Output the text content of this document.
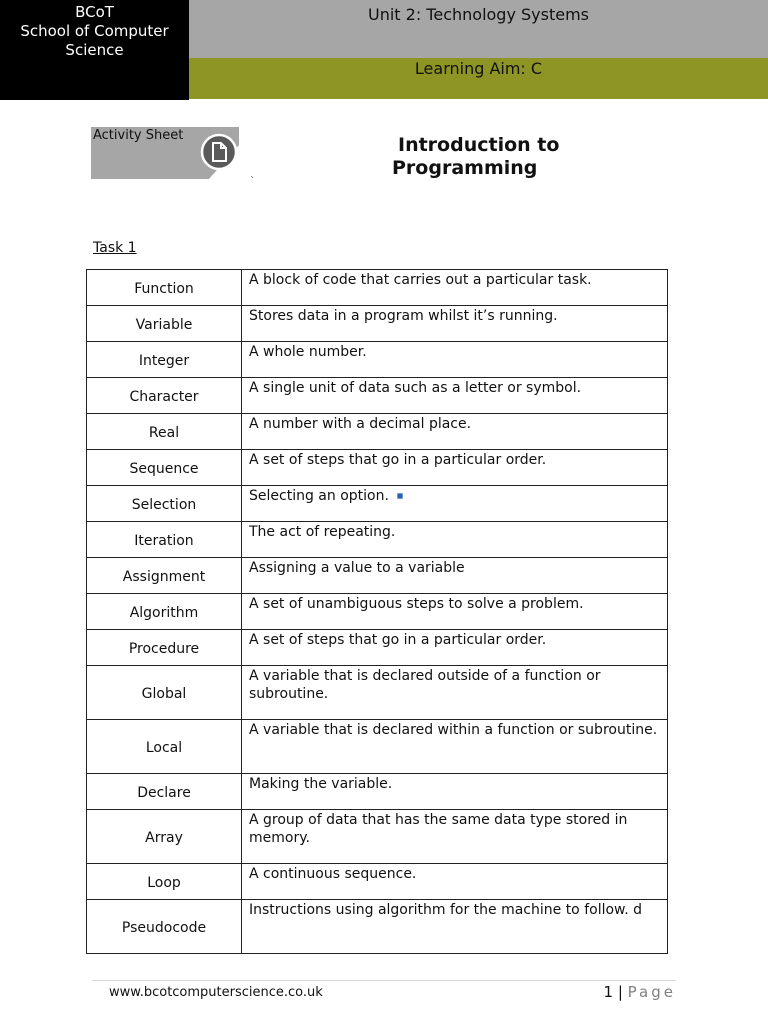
BCoT
School of Computer
Science
Unit 2: Technology Systems
Learning Aim: C
Activity Sheet
`
Introduction to
Programming
Task 1
Function	A block of code that carries out a particular task.
Variable	Stores data in a program whilst it’s running.
Integer	A whole number.
Character	A single unit of data such as a letter or symbol.
Real	A number with a decimal place.
Sequence	A set of steps that go in a particular order.
Selection	Selecting an option.
Iteration	The act of repeating.
Assignment	Assigning a value to a variable
Algorithm	A set of unambiguous steps to solve a problem.
Procedure	A set of steps that go in a particular order.
Global	A variable that is declared outside of a function or subroutine.
Local	A variable that is declared within a function or subroutine.
Declare	Making the variable.
Array	A group of data that has the same data type stored in memory.
Loop	A continuous sequence.
Pseudocode	Instructions using algorithm for the machine to follow. d
www.bcotcomputerscience.co.uk	1 | Page
